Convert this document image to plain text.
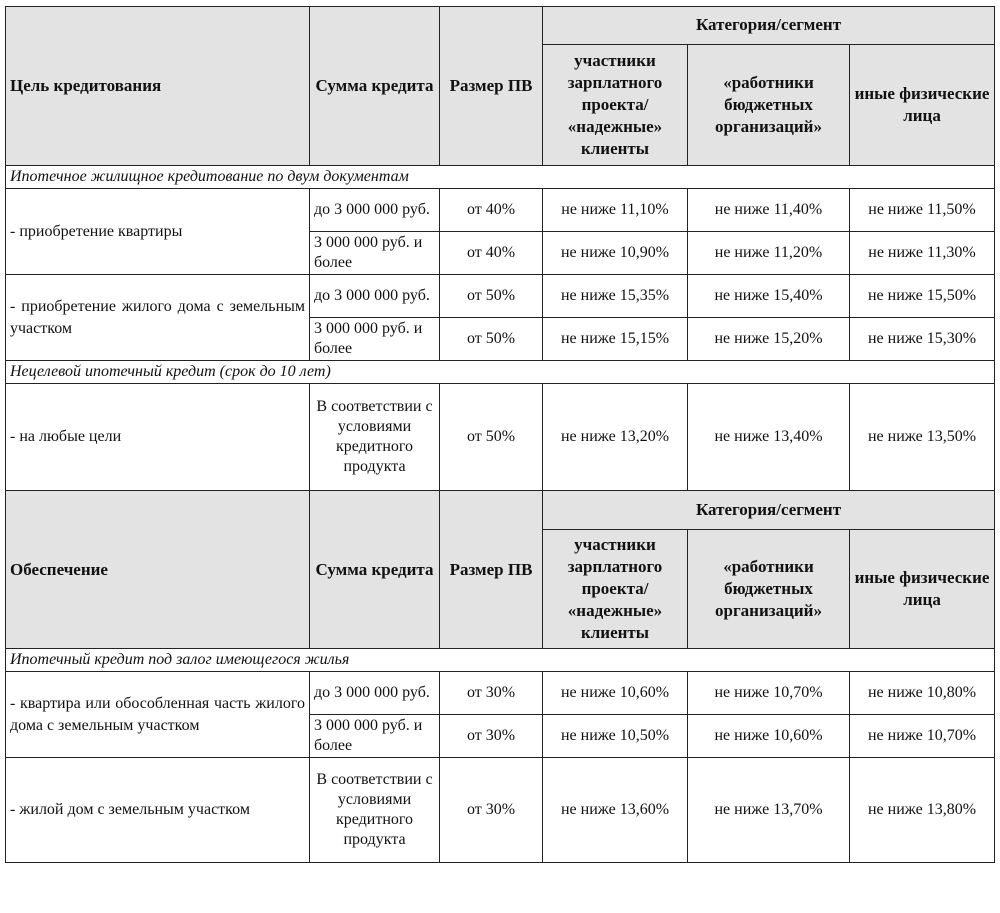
Цель кредитования	Сумма кредита	Размер ПВ	Категория/сегмент		
			участники зарплатного проекта/ «надежные» клиенты	«работники бюджетных организаций»	иные физические лица
Ипотечное жилищное кредитование по двум документам					
- приобретение квартиры	до 3 000 000 руб.	от 40%	не ниже 11,10%	не ниже 11,40%	не ниже 11,50%
	3 000 000 руб. и более	от 40%	не ниже 10,90%	не ниже 11,20%	не ниже 11,30%
- приобретение жилого дома с земельным участком	до 3 000 000 руб.	от 50%	не ниже 15,35%	не ниже 15,40%	не ниже 15,50%
	3 000 000 руб. и более	от 50%	не ниже 15,15%	не ниже 15,20%	не ниже 15,30%
Нецелевой ипотечный кредит (срок до 10 лет)					
- на любые цели	В соответствии с условиями кредитного продукта	от 50%	не ниже 13,20%	не ниже 13,40%	не ниже 13,50%
Обеспечение	Сумма кредита	Размер ПВ	Категория/сегмент		
			участники зарплатного проекта/ «надежные» клиенты	«работники бюджетных организаций»	иные физические лица
Ипотечный кредит под залог имеющегося жилья					
- квартира или обособленная часть жилого дома с земельным участком	до 3 000 000 руб.	от 30%	не ниже 10,60%	не ниже 10,70%	не ниже 10,80%
	3 000 000 руб. и более	от 30%	не ниже 10,50%	не ниже 10,60%	не ниже 10,70%
- жилой дом с земельным участком	В соответствии с условиями кредитного продукта	от 30%	не ниже 13,60%	не ниже 13,70%	не ниже 13,80%
